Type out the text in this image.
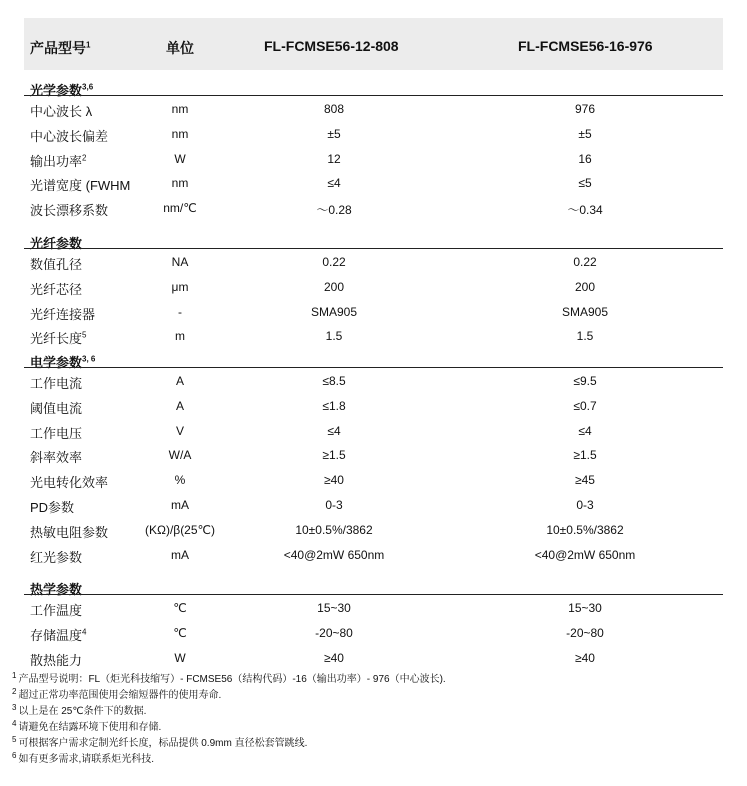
产品型号$^1$	单位	FL-FCMSE56-12-808	FL-FCMSE56-16-976
光学参数$^{3,6}$
中心波长 λ	nm	808	976
中心波长偏差	nm	±5	±5
输出功率$^2$	W	12	16
光谱宽度 (FWHM	nm	≤4	≤5
波长漂移系数	nm/℃	～0.28	～0.34
光纤参数
数值孔径	NA	0.22	0.22
光纤芯径	μm	200	200
光纤连接器	-	SMA905	SMA905
光纤长度$^5$	m	1.5	1.5
电学参数$^{3, 6}$
工作电流	A	≤8.5	≤9.5
阈值电流	A	≤1.8	≤0.7
工作电压	V	≤4	≤4
斜率效率	W/A	≥1.5	≥1.5
光电转化效率	%	≥40	≥45
PD参数	mA	0-3	0-3
热敏电阻参数	(KΩ)/β(25℃)	10±0.5%/3862	10±0.5%/3862
红光参数	mA	<40@2mW 650nm	<40@2mW 650nm
热学参数
工作温度	℃	15~30	15~30
存储温度$^4$	℃	-20~80	-20~80
散热能力	W	≥40	≥40
$^1$ 产品型号说明：FL（炬光科技缩写）- FCMSE56（结构代码）-16（输出功率）- 976（中心波长).
$^2$ 超过正常功率范围使用会缩短器件的使用寿命.
$^3$ 以上是在 25℃条件下的数据.
$^4$ 请避免在结露环境下使用和存储.
$^5$ 可根据客户需求定制光纤长度，标品提供 0.9mm 直径松套管跳线.
$^6$ 如有更多需求,请联系炬光科技.
